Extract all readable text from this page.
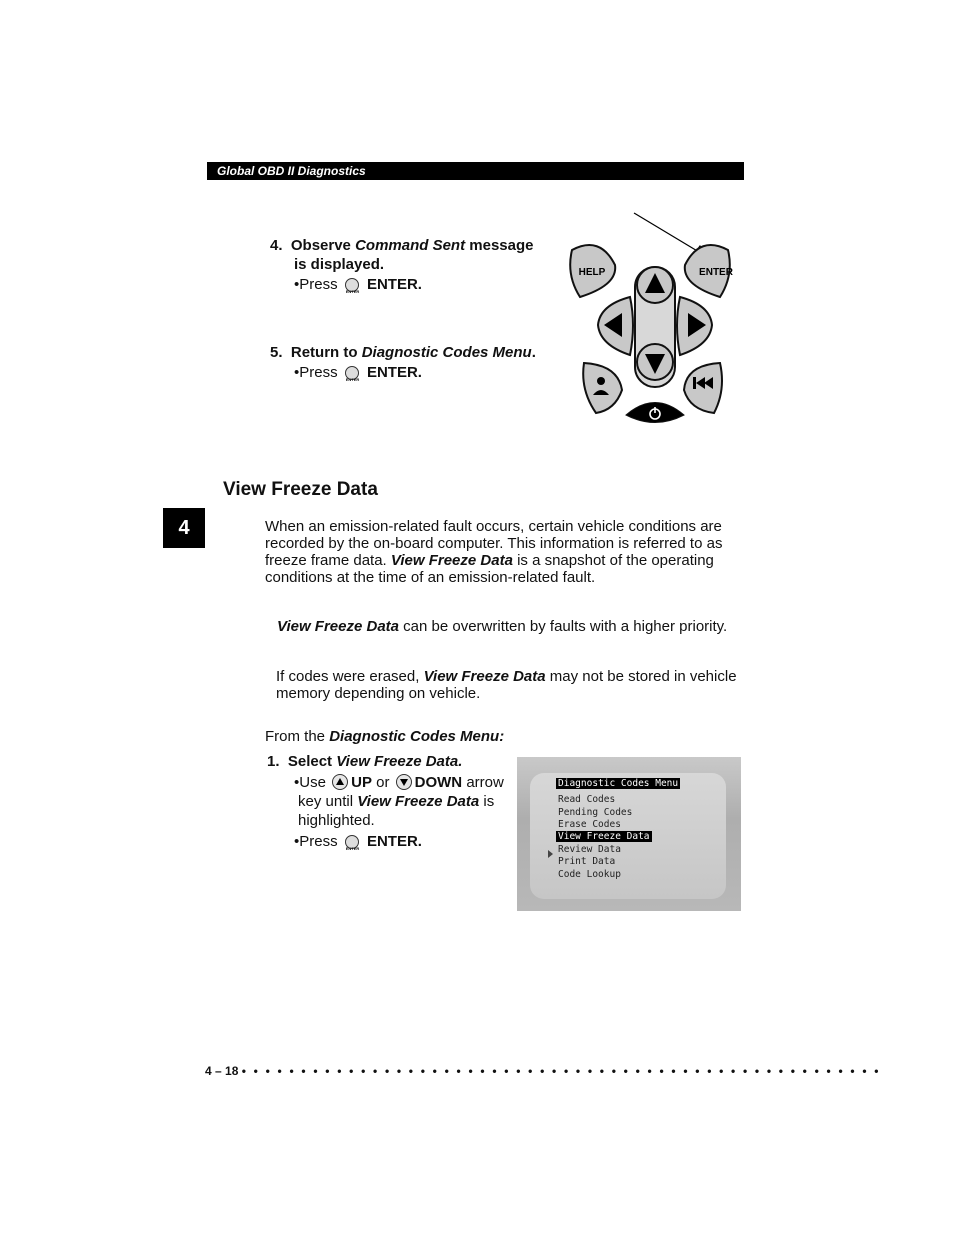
Global OBD II Diagnostics
4. Observe Command Sent message
is displayed.
•Press ENTER ENTER.
5. Return to Diagnostic Codes Menu.
•Press ENTER ENTER.
HELP	ENTER
View Freeze Data
4	When an emission-related fault occurs, certain vehicle conditions are
recorded by the on-board computer. This information is referred to as
freeze frame data. View Freeze Data is a snapshot of the operating
conditions at the time of an emission-related fault.
View Freeze Data can be overwritten by faults with a higher priority.
If codes were erased, View Freeze Data may not be stored in vehicle
memory depending on vehicle.
From the Diagnostic Codes Menu:
1. Select View Freeze Data.
•Use UP or DOWN arrow
key until View Freeze Data is
highlighted.
•Press ENTER ENTER.
Diagnostic Codes Menu
Read Codes
Pending Codes
Erase Codes
View Freeze Data
Review Data
Print Data
Code Lookup
4 – 18 • • • • • • • • • • • • • • • • • • • • • • • • • • • • • • • • • • • • • • • • • • • • • • • • • • • • • •
